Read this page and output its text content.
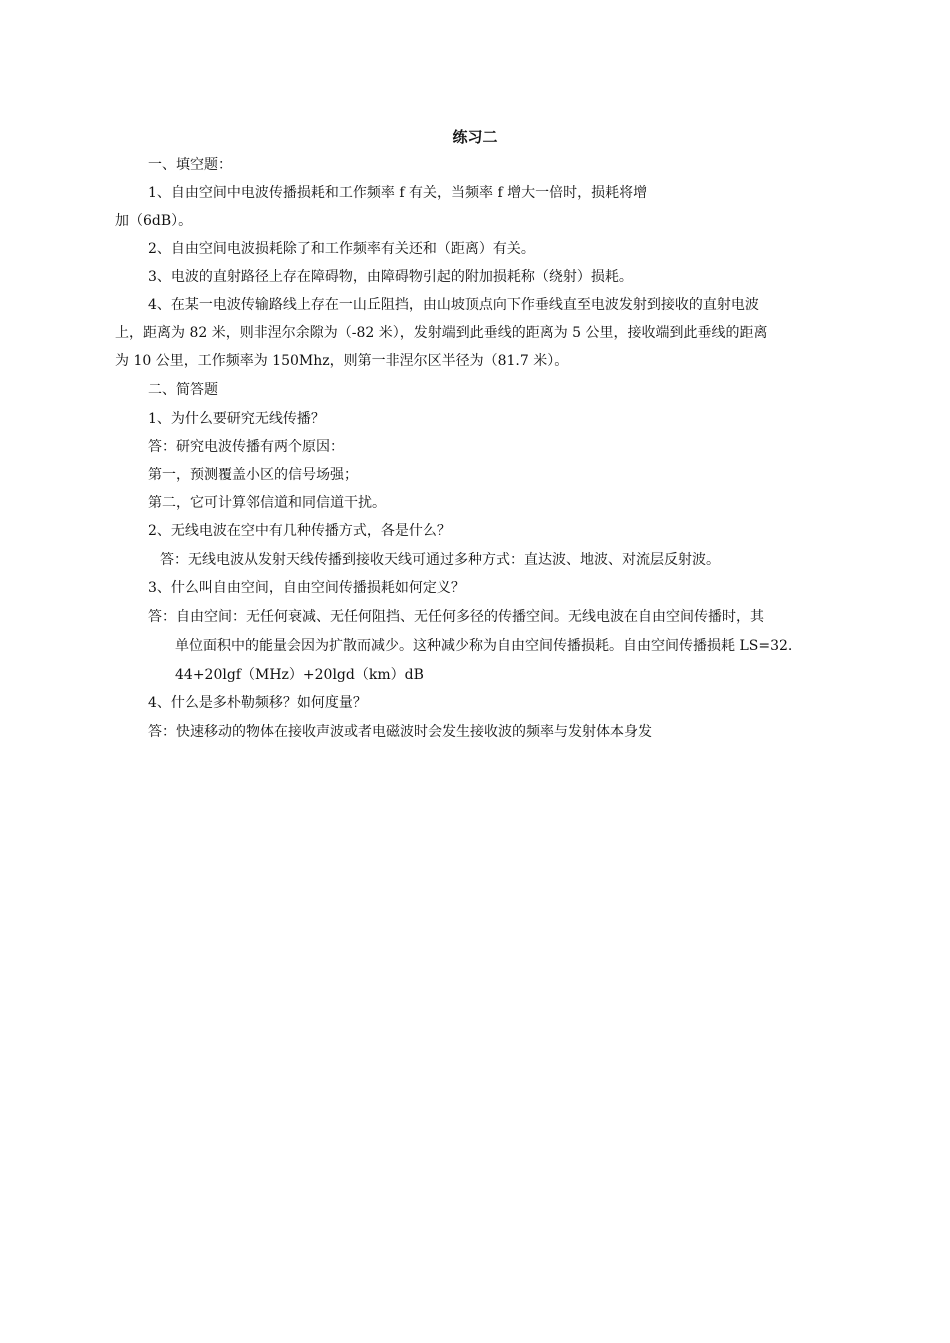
练习二
一、填空题：
1、自由空间中电波传播损耗和工作频率 f 有关，当频率 f 增大一倍时，损耗将增
加（6dB）。
2、自由空间电波损耗除了和工作频率有关还和（距离）有关。
3、电波的直射路径上存在障碍物，由障碍物引起的附加损耗称（绕射）损耗。
4、在某一电波传输路线上存在一山丘阻挡，由山坡顶点向下作垂线直至电波发射到接收的直射电波
上，距离为 82 米，则非涅尔余隙为（-82 米），发射端到此垂线的距离为 5 公里，接收端到此垂线的距离
为 10 公里，工作频率为 150Mhz，则第一非涅尔区半径为（81.7 米）。
二、简答题
1、为什么要研究无线传播？
答：研究电波传播有两个原因：
第一，预测覆盖小区的信号场强；
第二，它可计算邻信道和同信道干扰。
2、无线电波在空中有几种传播方式，各是什么？
答：无线电波从发射天线传播到接收天线可通过多种方式：直达波、地波、对流层反射波。
3、什么叫自由空间，自由空间传播损耗如何定义？
答：自由空间：无任何衰减、无任何阻挡、无任何多径的传播空间。无线电波在自由空间传播时，其
单位面积中的能量会因为扩散而减少。这种减少称为自由空间传播损耗。自由空间传播损耗 LS=32.
44+20lgf（MHz）+20lgd（km）dB
4、什么是多朴勒频移？如何度量？
答：快速移动的物体在接收声波或者电磁波时会发生接收波的频率与发射体本身发
